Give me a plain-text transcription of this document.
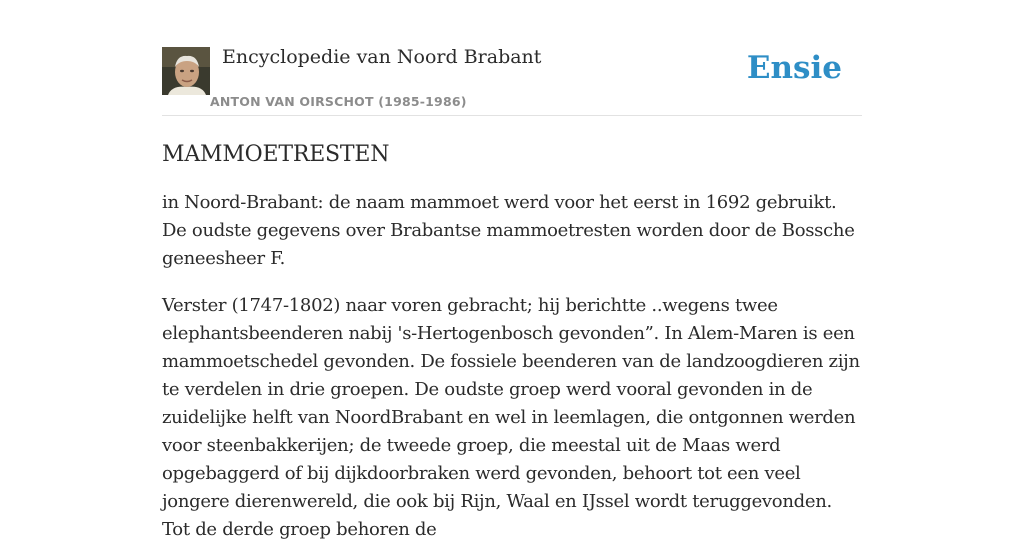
Encyclopedie van Noord Brabant
ANTON VAN OIRSCHOT (1985-1986)
Ensie
MAMMOETRESTEN

in Noord-Brabant: de naam mammoet werd voor het eerst in 1692 gebruikt. De oudste gegevens over Brabantse mammoetresten worden door de Bossche geneesheer F.

Verster (1747-1802) naar voren gebracht; hij berichtte ..wegens twee elephantsbeenderen nabij 's-Hertogenbosch gevonden”. In Alem-Maren is een mammoetschedel gevonden. De fossiele beenderen van de landzoogdieren zijn te verdelen in drie groepen. De oudste groep werd vooral gevonden in de zuidelijke helft van NoordBrabant en wel in leemlagen, die ontgonnen werden voor steenbakkerijen; de tweede groep, die meestal uit de Maas werd opgebaggerd of bij dijkdoorbraken werd gevonden, behoort tot een veel jongere dierenwereld, die ook bij Rijn, Waal en IJssel wordt teruggevonden. Tot de derde groep behoren de
